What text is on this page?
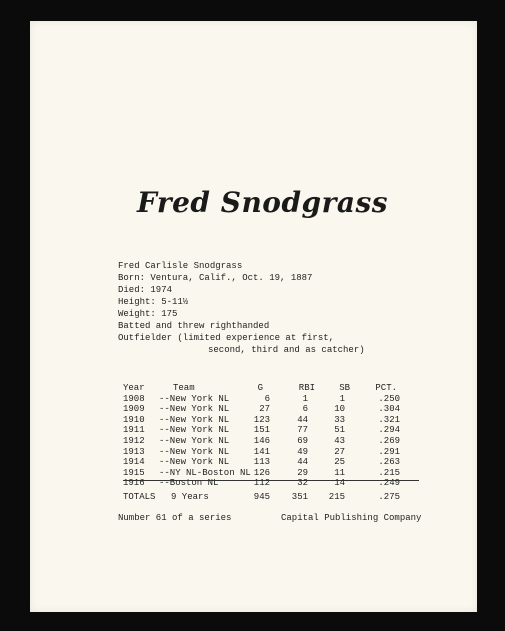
Fred Snodgrass
Fred Carlisle Snodgrass
Born: Ventura, Calif., Oct. 19, 1887
Died: 1974
Height: 5-11½
Weight: 175
Batted and threw righthanded
Outfielder (limited experience at first,
second, third and as catcher)
Year	Team	G	RBI	SB	PCT.
1908 --New York NL	6	1	1	.250
1909 --New York NL	27	6	10	.304
1910 --New York NL	123	44	33	.321
1911 --New York NL	151	77	51	.294
1912 --New York NL	146	69	43	.269
1913 --New York NL	141	49	27	.291
1914 --New York NL	113	44	25	.263
1915 --NY NL-Boston NL 126	29	11	.215
1916 --Boston NL	112	32	14	.249
TOTALS 9 Years	945 351 215	.275
Number 61 of a series	Capital Publishing Company
